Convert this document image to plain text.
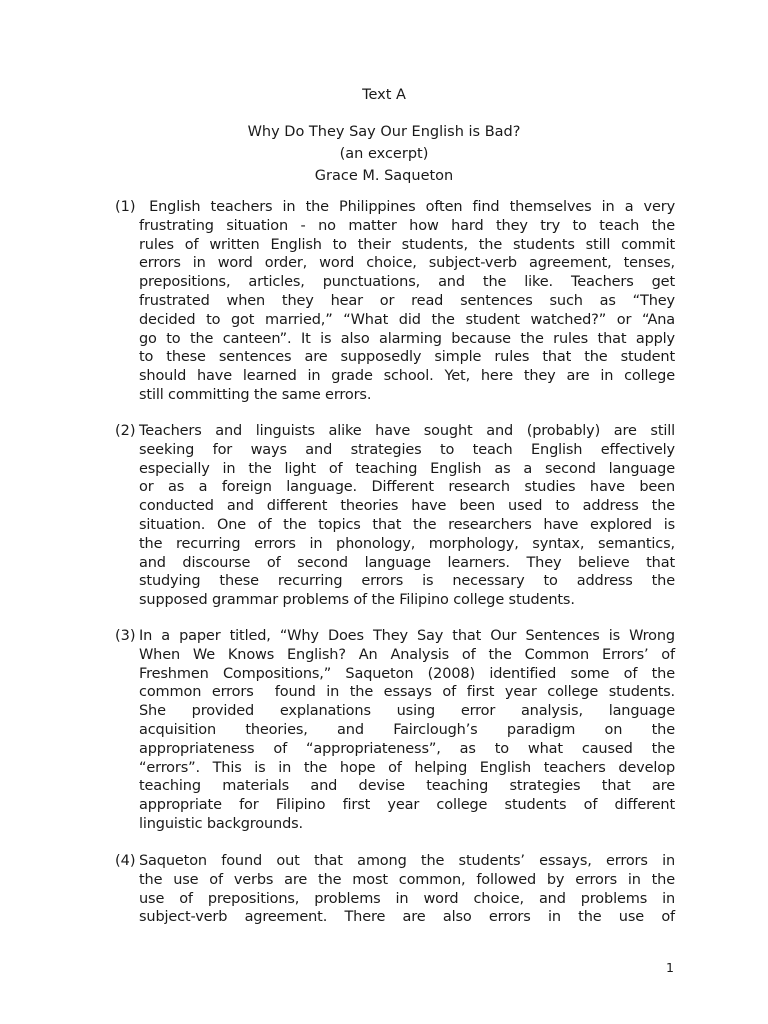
Text A
Why Do They Say Our English is Bad?
(an excerpt)
Grace M. Saqueton
(1) English teachers in the Philippines often find themselves in a very
frustrating situation - no matter how hard they try to teach the
rules of written English to their students, the students still commit
errors in word order, word choice, subject-verb agreement, tenses,
prepositions, articles, punctuations, and the like. Teachers get
frustrated when they hear or read sentences such as “They
decided to got married,” “What did the student watched?” or “Ana
go to the canteen”. It is also alarming because the rules that apply
to these sentences are supposedly simple rules that the student
should have learned in grade school. Yet, here they are in college
still committing the same errors.
(2) Teachers and linguists alike have sought and (probably) are still
seeking for ways and strategies to teach English effectively
especially in the light of teaching English as a second language
or as a foreign language. Different research studies have been
conducted and different theories have been used to address the
situation. One of the topics that the researchers have explored is
the recurring errors in phonology, morphology, syntax, semantics,
and discourse of second language learners. They believe that
studying these recurring errors is necessary to address the
supposed grammar problems of the Filipino college students.
(3) In a paper titled, “Why Does They Say that Our Sentences is Wrong
When We Knows English? An Analysis of the Common Errors’ of
Freshmen Compositions,” Saqueton (2008) identified some of the
common errors  found in the essays of first year college students.
She provided explanations using error analysis, language
acquisition theories, and Fairclough’s paradigm on the
appropriateness of “appropriateness”, as to what caused the
“errors”. This is in the hope of helping English teachers develop
teaching materials and devise teaching strategies that are
appropriate for Filipino first year college students of different
linguistic backgrounds.
(4) Saqueton found out that among the students’ essays, errors in
the use of verbs are the most common, followed by errors in the
use of prepositions, problems in word choice, and problems in
subject-verb agreement. There are also errors in the use of
1
